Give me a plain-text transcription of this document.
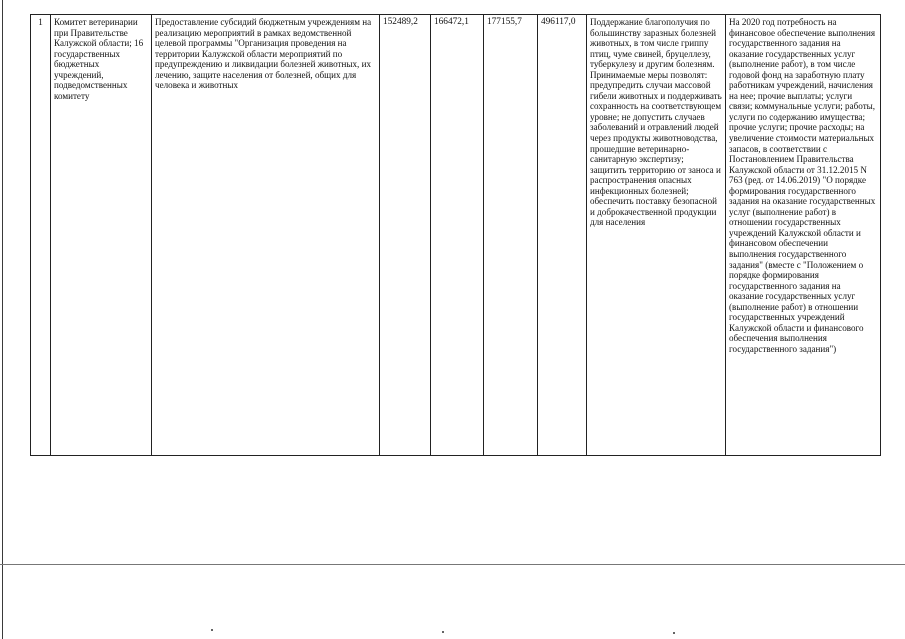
1	Комитет ветеринарии при Правительстве Калужской области; 16 государственных бюджетных учреждений, подведомственных комитету	Предоставление субсидий бюджетным учреждениям на реализацию мероприятий в рамках ведомственной целевой программы "Организация проведения на территории Калужской области мероприятий по предупреждению и ликвидации болезней животных, их лечению, защите населения от болезней, общих для человека и животных	152489,2	166472,1	177155,7	496117,0	Поддержание благополучия по большинству заразных болезней животных, в том числе гриппу птиц, чуме свиней, бруцеллезу, туберкулезу и другим болезням. Принимаемые меры позволят: предупредить случаи массовой гибели животных и поддерживать сохранность на соответствующем уровне; не допустить случаев заболеваний и отравлений людей через продукты животноводства, прошедшие ветеринарно-санитарную экспертизу; защитить территорию от заноса и распространения опасных инфекционных болезней; обеспечить поставку безопасной и доброкачественной продукции для населения	На 2020 год потребность на финансовое обеспечение выполнения государственного задания на оказание государственных услуг (выполнение работ), в том числе годовой фонд на заработную плату работникам учреждений, начисления на нее; прочие выплаты; услуги связи; коммунальные услуги; работы, услуги по содержанию имущества; прочие услуги; прочие расходы; на увеличение стоимости материальных запасов, в соответствии с Постановлением Правительства Калужской области от 31.12.2015 N 763 (ред. от 14.06.2019) "О порядке формирования государственного задания на оказание государственных услуг (выполнение работ) в отношении государственных учреждений Калужской области и финансовом обеспечении выполнения государственного задания" (вместе с "Положением о порядке формирования государственного задания на оказание государственных услуг (выполнение работ) в отношении государственных учреждений Калужской области и финансового обеспечения выполнения государственного задания")
